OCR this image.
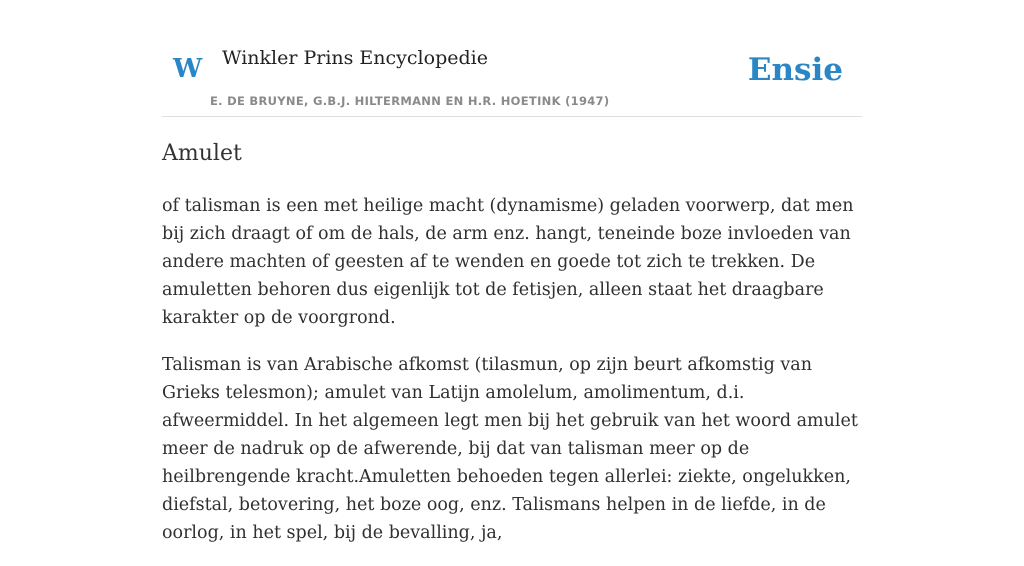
W Winkler Prins Encyclopedie
E. DE BRUYNE, G.B.J. HILTERMANN EN H.R. HOETINK (1947)
Ensie
Amulet

of talisman is een met heilige macht (dynamisme) geladen voorwerp, dat men bij zich draagt of om de hals, de arm enz. hangt, teneinde boze invloeden van andere machten of geesten af te wenden en goede tot zich te trekken. De amuletten behoren dus eigenlijk tot de fetisjen, alleen staat het draagbare karakter op de voorgrond.

Talisman is van Arabische afkomst (tilasmun, op zijn beurt afkomstig van Grieks telesmon); amulet van Latijn amolelum, amolimentum, d.i. afweermiddel. In het algemeen legt men bij het gebruik van het woord amulet meer de nadruk op de afwerende, bij dat van talisman meer op de heilbrengende kracht.Amuletten behoeden tegen allerlei: ziekte, ongelukken, diefstal, betovering, het boze oog, enz. Talismans helpen in de liefde, in de oorlog, in het spel, bij de bevalling, ja,
